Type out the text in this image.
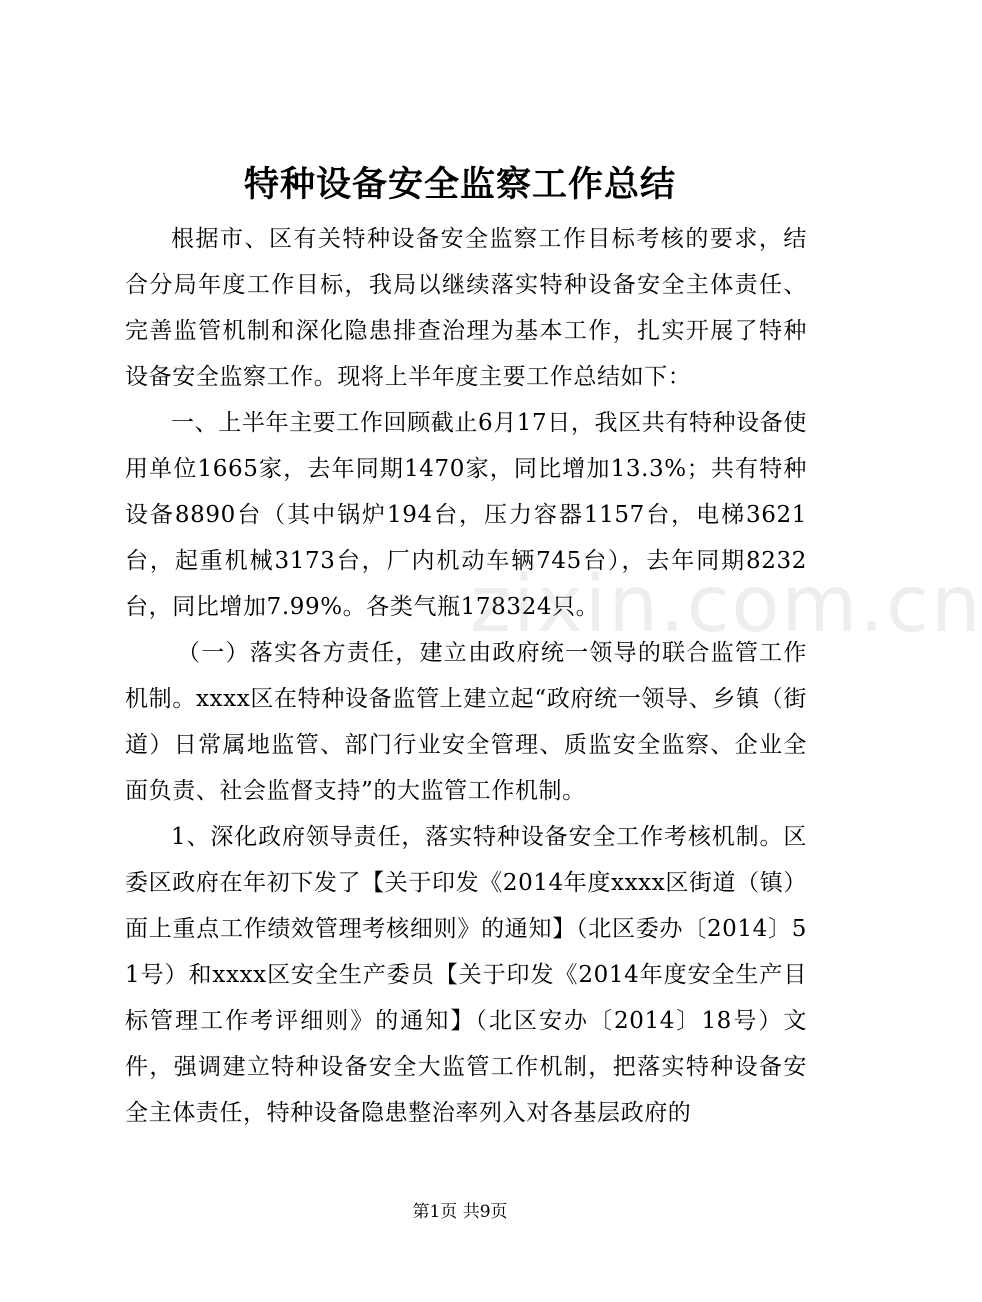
特种设备安全监察工作总结

根据市、区有关特种设备安全监察工作目标考核的要求，结合分局年度工作目标，我局以继续落实特种设备安全主体责任、完善监管机制和深化隐患排查治理为基本工作，扎实开展了特种设备安全监察工作。现将上半年度主要工作总结如下：

一、上半年主要工作回顾截止6月17日，我区共有特种设备使用单位1665家，去年同期1470家，同比增加13.3%；共有特种设备8890台（其中锅炉194台，压力容器1157台，电梯3621台，起重机械3173台，厂内机动车辆745台），去年同期8232台，同比增加7.99%。各类气瓶178324只。

（一）落实各方责任，建立由政府统一领导的联合监管工作机制。xxxx区在特种设备监管上建立起“政府统一领导、乡镇（街道）日常属地监管、部门行业安全管理、质监安全监察、企业全面负责、社会监督支持”的大监管工作机制。

1、深化政府领导责任，落实特种设备安全工作考核机制。区委区政府在年初下发了【关于印发《2014年度xxxx区街道（镇）面上重点工作绩效管理考核细则》的通知】（北区委办〔2014〕51号）和xxxx区安全生产委员【关于印发《2014年度安全生产目标管理工作考评细则》的通知】（北区安办〔2014〕18号）文件，强调建立特种设备安全大监管工作机制，把落实特种设备安全主体责任，特种设备隐患整治率列入对各基层政府的

zixin.com.cn
第1页 共9页
